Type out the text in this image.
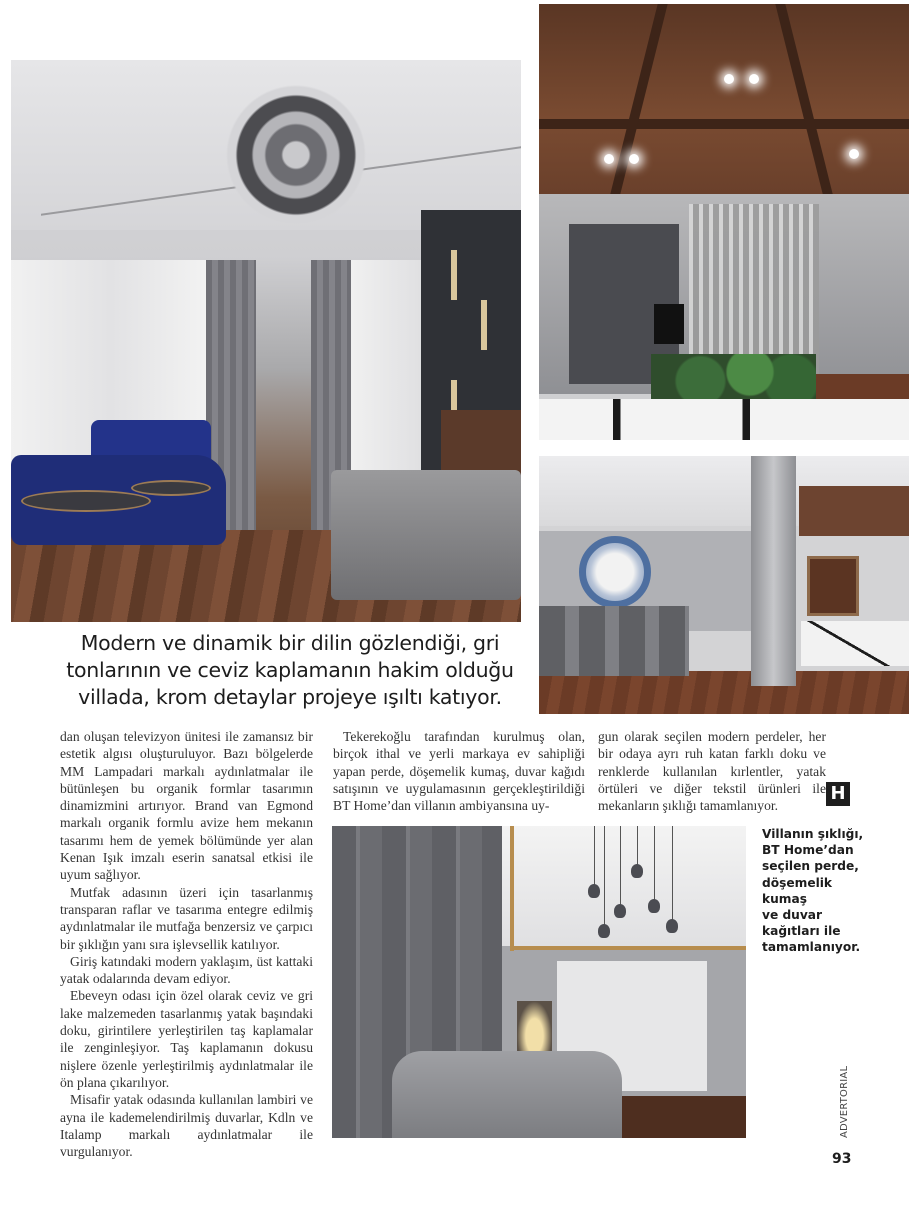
Modern ve dinamik bir dilin gözlendiği, gri
tonlarının ve ceviz kaplamanın hakim olduğu
villada, krom detaylar projeye ışıltı katıyor.

dan oluşan televizyon ünitesi ile zamansız bir estetik algısı oluşturuluyor. Bazı bölgelerde MM Lampadari markalı aydınlatmalar ile bütünleşen bu organik formlar tasarımın dinamizmini artırıyor. Brand van Egmond markalı organik formlu avize hem mekanın tasarımı hem de yemek bölümünde yer alan Kenan Işık imzalı eserin sanatsal etkisi ile uyum sağlıyor.

Mutfak adasının üzeri için tasarlanmış transparan raflar ve tasarıma entegre edilmiş aydınlatmalar ile mutfağa benzersiz ve çarpıcı bir şıklığın yanı sıra işlevsellik katılıyor.

Giriş katındaki modern yaklaşım, üst kattaki yatak odalarında devam ediyor.

Ebeveyn odası için özel olarak ceviz ve gri lake malzemeden tasarlanmış yatak başındaki doku, girintilere yerleştirilen taş kaplamalar ile zenginleşiyor. Taş kaplamanın dokusu nişlere özenle yerleştirilmiş aydınlatmalar ile ön plana çıkarılıyor.

Misafir yatak odasında kullanılan lambiri ve ayna ile kademelendirilmiş duvarlar, Kdln ve Italamp markalı aydınlatmalar ile vurgulanıyor.

Tekerekoğlu tarafından kurulmuş olan, birçok ithal ve yerli markaya ev sahipliği yapan perde, döşemelik kumaş, duvar kağıdı satışının ve uygulamasının gerçekleştirildiği BT Home’dan villanın ambiyansına uy-

gun olarak seçilen modern perdeler, her bir odaya ayrı ruh katan farklı doku ve renklerde kullanılan kırlentler, yatak örtüleri ve diğer tekstil ürünleri ile mekanların şıklığı tamamlanıyor.

H
Villanın şıklığı,
BT Home’dan
seçilen perde,
döşemelik
kumaş
ve duvar
kağıtları ile
tamamlanıyor.
ADVERTORIAL
93
